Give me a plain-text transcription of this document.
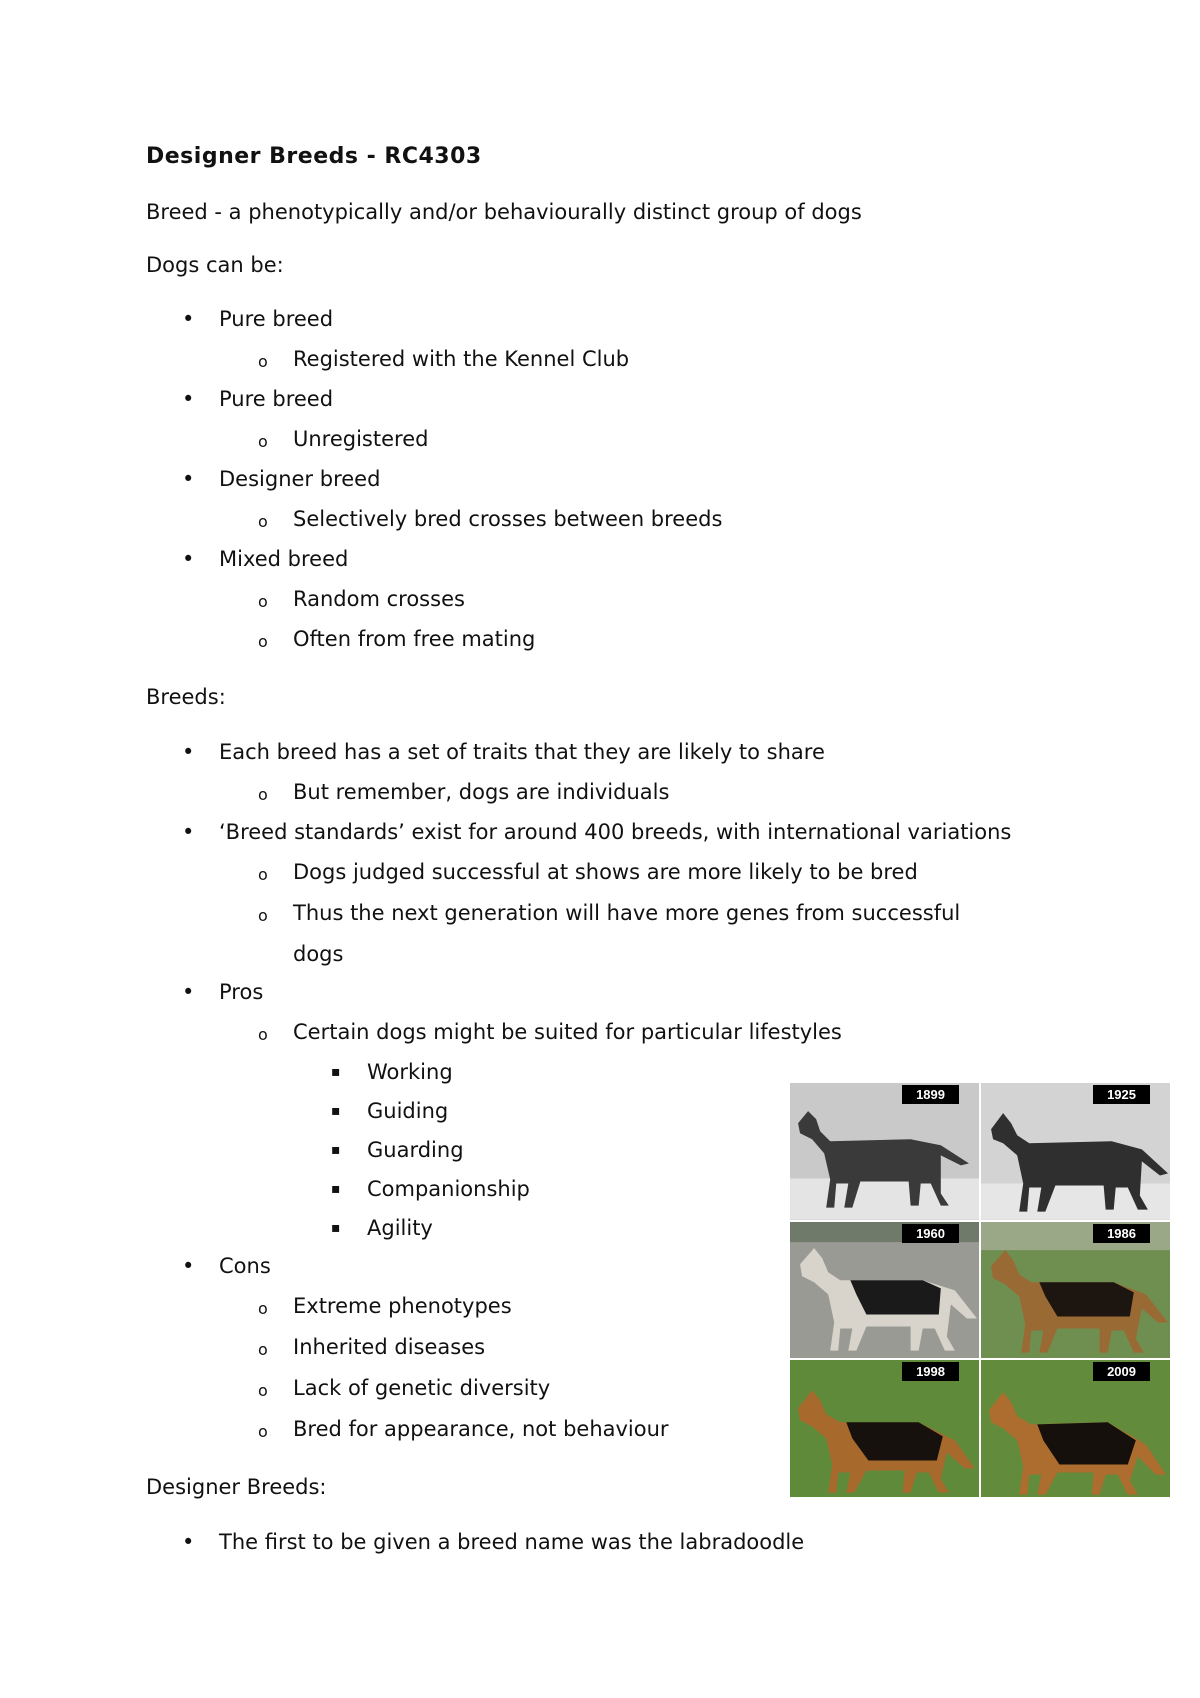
Designer Breeds - RC4303
Breed - a phenotypically and/or behaviourally distinct group of dogs
Dogs can be:
• Pure breed
o Registered with the Kennel Club
• Pure breed
o Unregistered
• Designer breed
o Selectively bred crosses between breeds
• Mixed breed
o Random crosses
o Often from free mating
Breeds:
• Each breed has a set of traits that they are likely to share
o But remember, dogs are individuals
• ‘Breed standards’ exist for around 400 breeds, with international variations
o Dogs judged successful at shows are more likely to be bred
o Thus the next generation will have more genes from successful
dogs
• Pros
o Certain dogs might be suited for particular lifestyles
▪ Working
▪ Guiding
▪ Guarding
▪ Companionship
▪ Agility
• Cons
o Extreme phenotypes
o Inherited diseases
o Lack of genetic diversity
o Bred for appearance, not behaviour
Designer Breeds:
• The first to be given a breed name was the labradoodle
1899	1925
1960	1986
1998	2009
